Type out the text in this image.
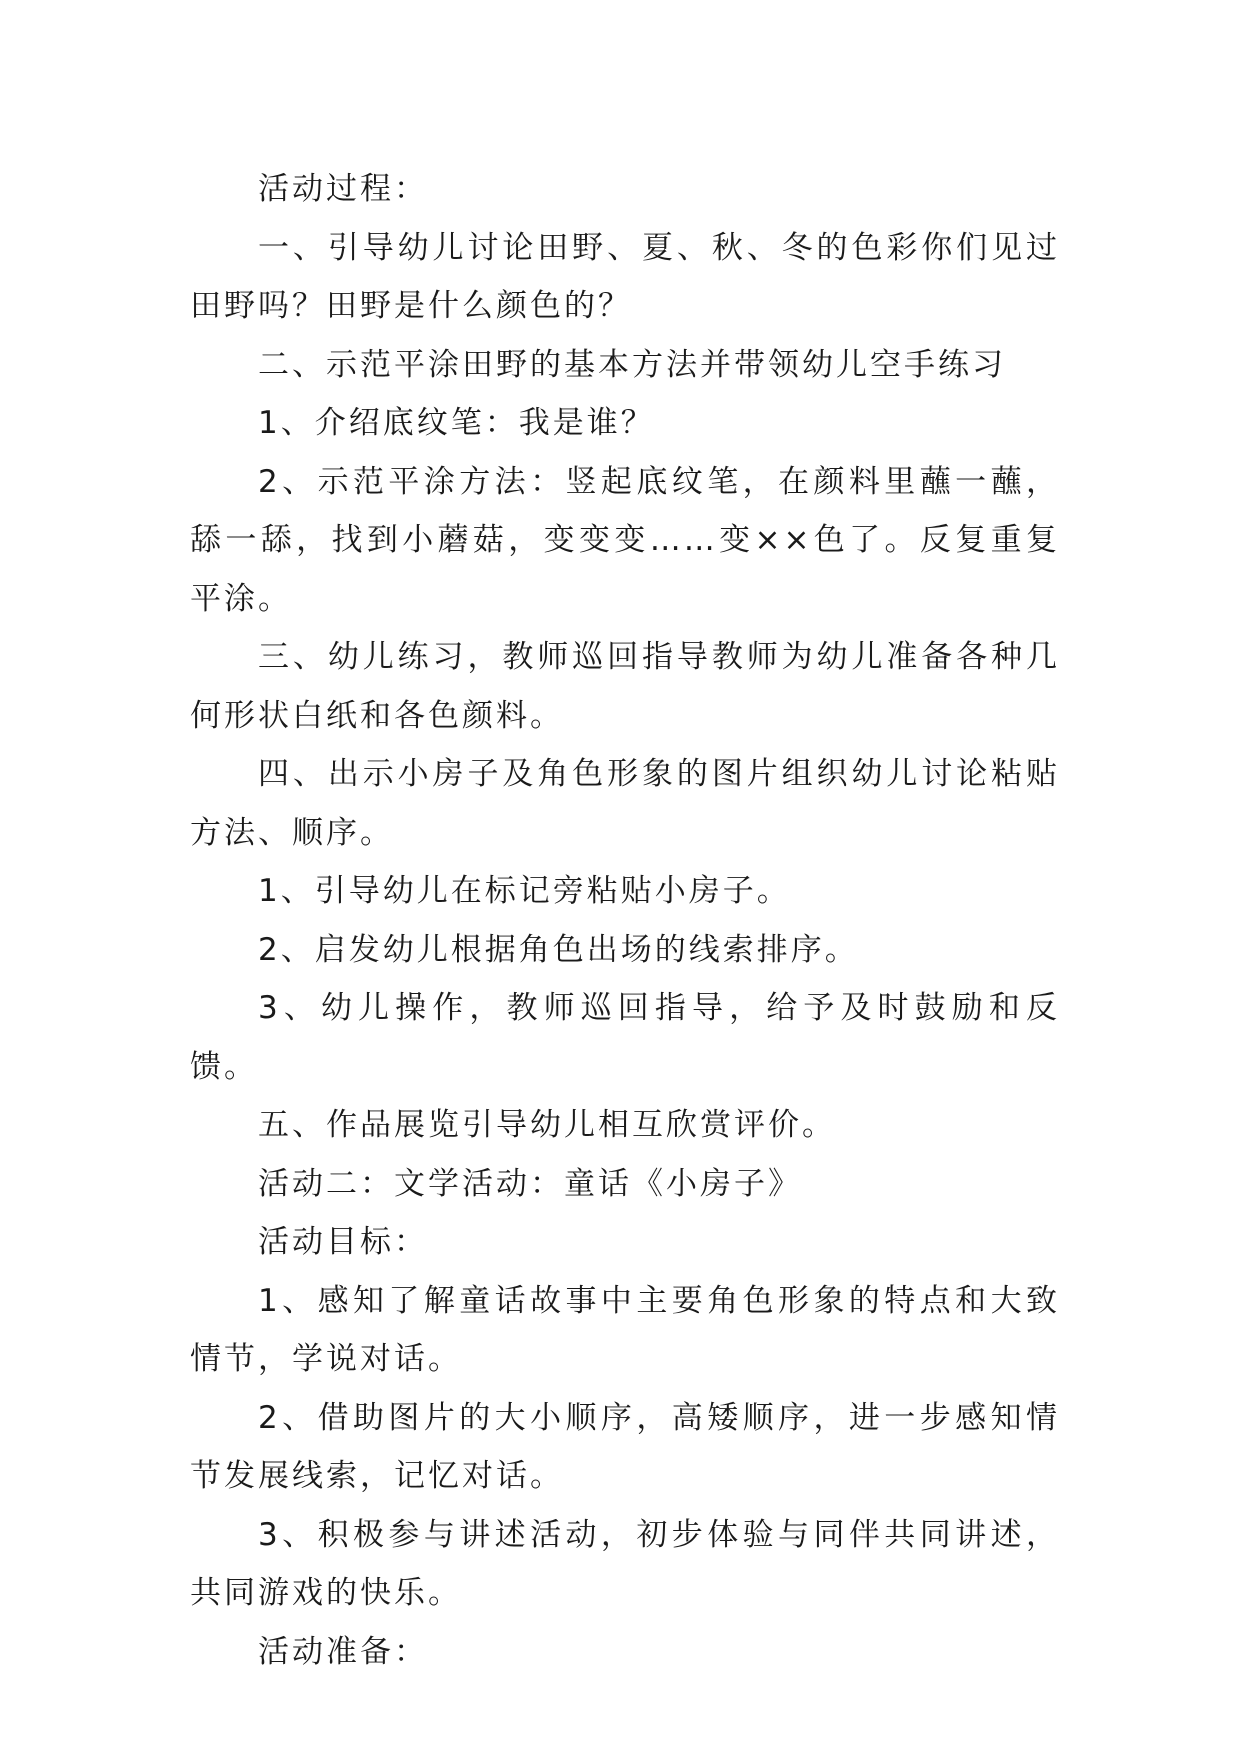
活动过程：

一、引导幼儿讨论田野、夏、秋、冬的色彩你们见过田野吗？田野是什么颜色的？

二、示范平涂田野的基本方法并带领幼儿空手练习

1、介绍底纹笔：我是谁？

2、示范平涂方法：竖起底纹笔，在颜料里蘸一蘸，舔一舔，找到小蘑菇，变变变……变××色了。反复重复平涂。

三、幼儿练习，教师巡回指导教师为幼儿准备各种几何形状白纸和各色颜料。

四、出示小房子及角色形象的图片组织幼儿讨论粘贴方法、顺序。

1、引导幼儿在标记旁粘贴小房子。

2、启发幼儿根据角色出场的线索排序。

3、幼儿操作，教师巡回指导，给予及时鼓励和反馈。

五、作品展览引导幼儿相互欣赏评价。

活动二：文学活动：童话《小房子》

活动目标：

1、感知了解童话故事中主要角色形象的特点和大致情节，学说对话。

2、借助图片的大小顺序，高矮顺序，进一步感知情节发展线索，记忆对话。

3、积极参与讲述活动，初步体验与同伴共同讲述，共同游戏的快乐。

活动准备：
